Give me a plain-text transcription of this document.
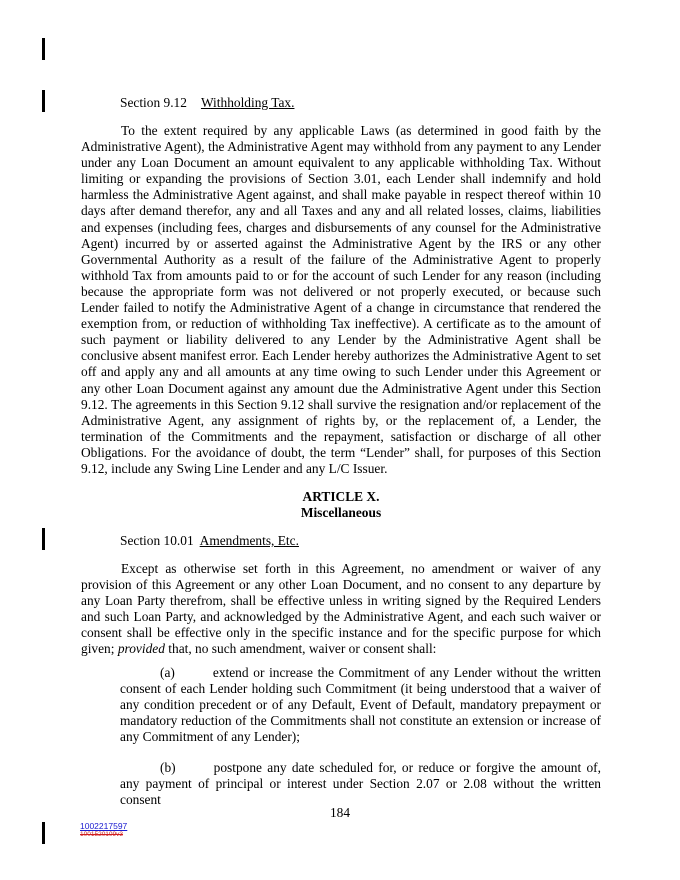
Section 9.12 Withholding Tax.
To the extent required by any applicable Laws (as determined in good faith by the Administrative Agent), the Administrative Agent may withhold from any payment to any Lender under any Loan Document an amount equivalent to any applicable withholding Tax. Without limiting or expanding the provisions of Section 3.01, each Lender shall indemnify and hold harmless the Administrative Agent against, and shall make payable in respect thereof within 10 days after demand therefor, any and all Taxes and any and all related losses, claims, liabilities and expenses (including fees, charges and disbursements of any counsel for the Administrative Agent) incurred by or asserted against the Administrative Agent by the IRS or any other Governmental Authority as a result of the failure of the Administrative Agent to properly withhold Tax from amounts paid to or for the account of such Lender for any reason (including because the appropriate form was not delivered or not properly executed, or because such Lender failed to notify the Administrative Agent of a change in circumstance that rendered the exemption from, or reduction of withholding Tax ineffective). A certificate as to the amount of such payment or liability delivered to any Lender by the Administrative Agent shall be conclusive absent manifest error. Each Lender hereby authorizes the Administrative Agent to set off and apply any and all amounts at any time owing to such Lender under this Agreement or any other Loan Document against any amount due the Administrative Agent under this Section 9.12. The agreements in this Section 9.12 shall survive the resignation and/or replacement of the Administrative Agent, any assignment of rights by, or the replacement of, a Lender, the termination of the Commitments and the repayment, satisfaction or discharge of all other Obligations. For the avoidance of doubt, the term “Lender” shall, for purposes of this Section 9.12, include any Swing Line Lender and any L/C Issuer.
ARTICLE X.
Miscellaneous
Section 10.01 Amendments, Etc.
Except as otherwise set forth in this Agreement, no amendment or waiver of any provision of this Agreement or any other Loan Document, and no consent to any departure by any Loan Party therefrom, shall be effective unless in writing signed by the Required Lenders and such Loan Party, and acknowledged by the Administrative Agent, and each such waiver or consent shall be effective only in the specific instance and for the specific purpose for which given; provided that, no such amendment, waiver or consent shall:
(a)	extend or increase the Commitment of any Lender without the written consent of each Lender holding such Commitment (it being understood that a waiver of any condition precedent or of any Default, Event of Default, mandatory prepayment or mandatory reduction of the Commitments shall not constitute an extension or increase of any Commitment of any Lender);
(b)	postpone any date scheduled for, or reduce or forgive the amount of, any payment of principal or interest under Section 2.07 or 2.08 without the written consent
184
1002217597
1001520109v3
